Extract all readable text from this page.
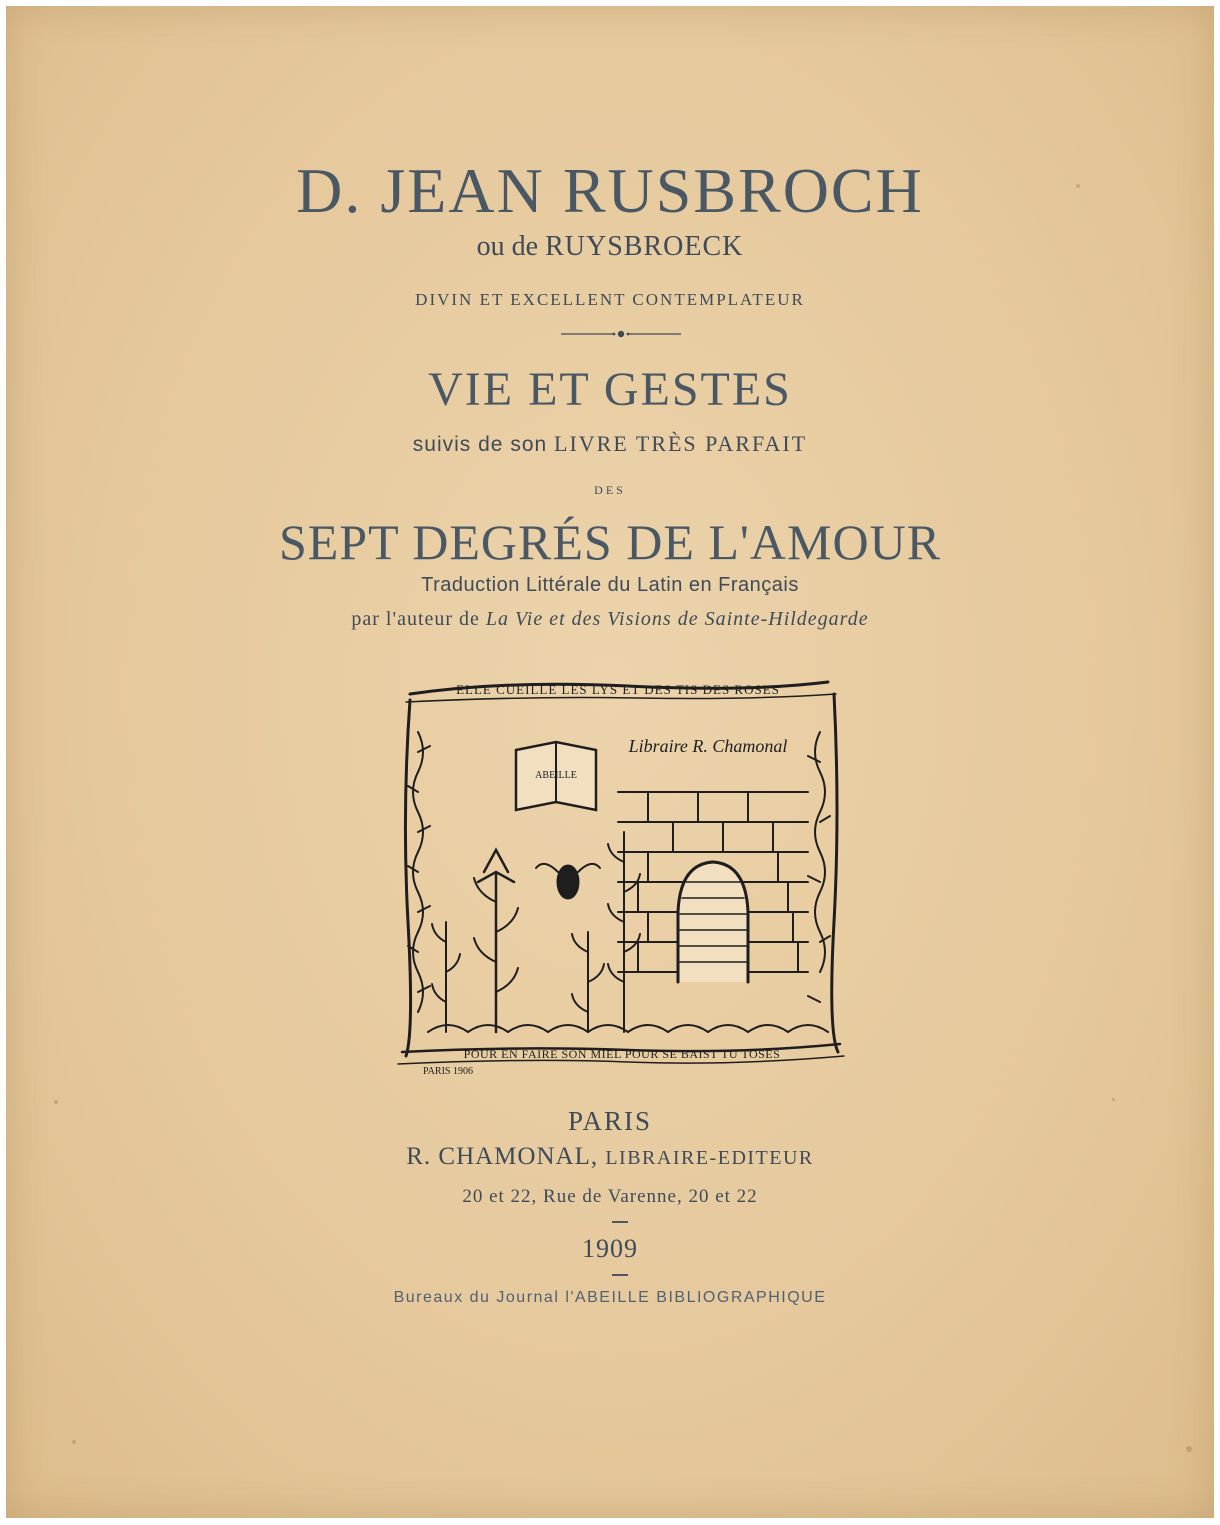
D. JEAN RUSBROCH
ou de RUYSBROECK
DIVIN ET EXCELLENT CONTEMPLATEUR
VIE ET GESTES
suivis de son LIVRE TRÈS PARFAIT
DES
SEPT DEGRÉS DE L'AMOUR
Traduction Littérale du Latin en Français
par l'auteur de La Vie et des Visions de Sainte-Hildegarde
ELLE CUEILLE LES LYS ET DES TIS DES ROSES
Libraire R. Chamonal
ABEILLE
POUR EN FAIRE SON MIEL POUR SE BAIST TU TOSES
PARIS 1906
PARIS
R. CHAMONAL, LIBRAIRE-EDITEUR
20 et 22, Rue de Varenne, 20 et 22
1909
Bureaux du Journal l'ABEILLE BIBLIOGRAPHIQUE
